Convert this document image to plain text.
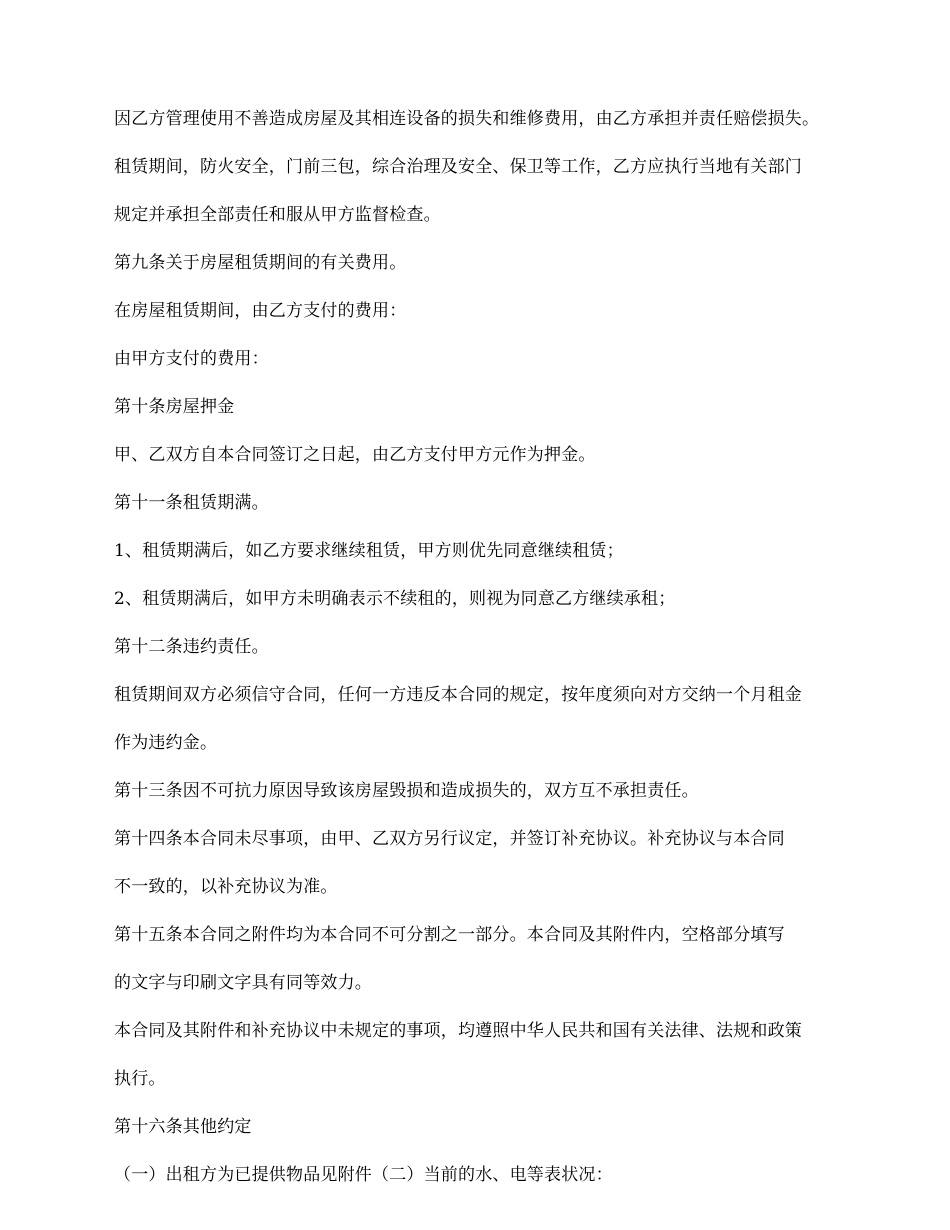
因乙方管理使用不善造成房屋及其相连设备的损失和维修费用，由乙方承担并责任赔偿损失。

租赁期间，防火安全，门前三包，综合治理及安全、保卫等工作，乙方应执行当地有关部门

规定并承担全部责任和服从甲方监督检查。

第九条关于房屋租赁期间的有关费用。

在房屋租赁期间，由乙方支付的费用：

由甲方支付的费用：

第十条房屋押金

甲、乙双方自本合同签订之日起，由乙方支付甲方元作为押金。

第十一条租赁期满。

1、租赁期满后，如乙方要求继续租赁，甲方则优先同意继续租赁；

2、租赁期满后，如甲方未明确表示不续租的，则视为同意乙方继续承租；

第十二条违约责任。

租赁期间双方必须信守合同，任何一方违反本合同的规定，按年度须向对方交纳一个月租金

作为违约金。

第十三条因不可抗力原因导致该房屋毁损和造成损失的，双方互不承担责任。

第十四条本合同未尽事项，由甲、乙双方另行议定，并签订补充协议。补充协议与本合同

不一致的，以补充协议为准。

第十五条本合同之附件均为本合同不可分割之一部分。本合同及其附件内，空格部分填写

的文字与印刷文字具有同等效力。

本合同及其附件和补充协议中未规定的事项，均遵照中华人民共和国有关法律、法规和政策

执行。

第十六条其他约定

（一）出租方为已提供物品见附件（二）当前的水、电等表状况：
